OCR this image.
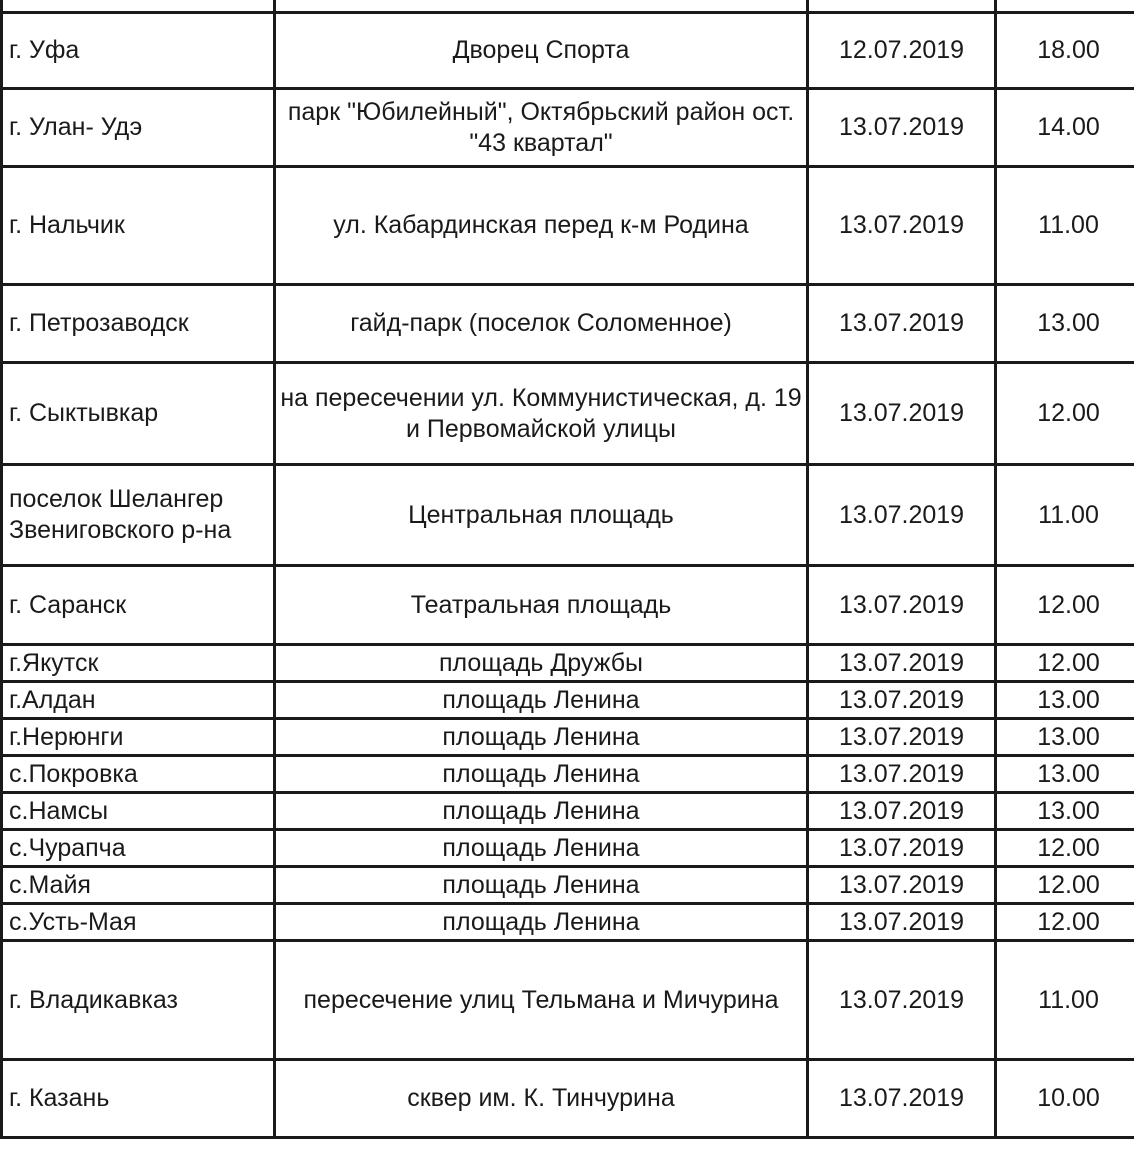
г. Уфа	Дворец Спорта	12.07.2019	18.00
г. Улан- Удэ	парк "Юбилейный", Октябрьский район ост. "43 квартал"	13.07.2019	14.00
г. Нальчик	ул. Кабардинская перед к-м Родина	13.07.2019	11.00
г. Петрозаводск	гайд-парк (поселок Соломенное)	13.07.2019	13.00
г. Сыктывкар	на пересечении ул. Коммунистическая, д. 19 и Первомайской улицы	13.07.2019	12.00
поселок Шелангер Звениговского р-на	Центральная площадь	13.07.2019	11.00
г. Саранск	Театральная площадь	13.07.2019	12.00
г.Якутск	площадь Дружбы	13.07.2019	12.00
г.Алдан	площадь Ленина	13.07.2019	13.00
г.Нерюнги	площадь Ленина	13.07.2019	13.00
с.Покровка	площадь Ленина	13.07.2019	13.00
с.Намсы	площадь Ленина	13.07.2019	13.00
с.Чурапча	площадь Ленина	13.07.2019	12.00
с.Майя	площадь Ленина	13.07.2019	12.00
с.Усть-Мая	площадь Ленина	13.07.2019	12.00
г. Владикавказ	пересечение улиц Тельмана и Мичурина	13.07.2019	11.00
г. Казань	сквер им. К. Тинчурина	13.07.2019	10.00
